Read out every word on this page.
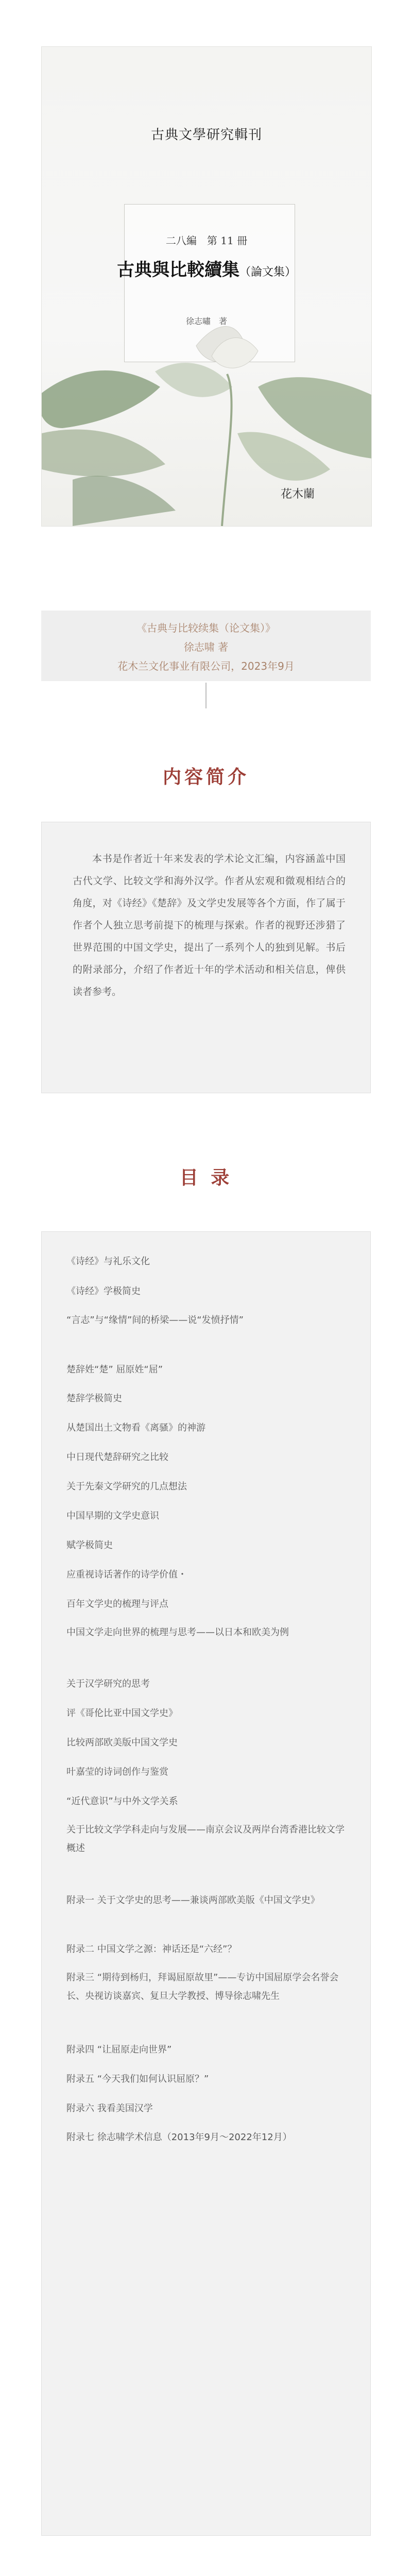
古典文學研究輯刊
二八編　第 11 冊
古典與比較續集（論文集）
徐志嘯　著
花木蘭
《古典与比较续集（论文集）》
徐志啸 著
花木兰文化事业有限公司，2023年9月
内容简介
本书是作者近十年来发表的学术论文汇编，内容涵盖中国古代文学、比较文学和海外汉学。作者从宏观和微观相结合的角度，对《诗经》《楚辞》及文学史发展等各个方面，作了属于作者个人独立思考前提下的梳理与探索。作者的视野还涉猎了世界范围的中国文学史，提出了一系列个人的独到见解。书后的附录部分，介绍了作者近十年的学术活动和相关信息，俾供读者参考。
目 录
《诗经》与礼乐文化
《诗经》学极简史
“言志”与“缘情”间的桥梁——说“发愤抒情”
楚辞姓“楚” 屈原姓“屈”
楚辞学极简史
从楚国出土文物看《离骚》的神游
中日现代楚辞研究之比较
关于先秦文学研究的几点想法
中国早期的文学史意识
赋学极简史
应重视诗话著作的诗学价值・
百年文学史的梳理与评点
中国文学走向世界的梳理与思考——以日本和欧美为例
关于汉学研究的思考
评《哥伦比亚中国文学史》
比较两部欧美版中国文学史
叶嘉莹的诗词创作与鉴赏
“近代意识”与中外文学关系
关于比较文学学科走向与发展——南京会议及两岸台湾香港比较文学概述
附录一 关于文学史的思考——兼谈两部欧美版《中国文学史》
附录二 中国文学之源：神话还是“六经”？
附录三 “期待到杨归，拜谒屈原故里”——专访中国屈原学会名誉会长、央视访谈嘉宾、复旦大学教授、博导徐志啸先生
附录四 “让屈原走向世界”
附录五 “今天我们如何认识屈原？”
附录六 我看美国汉学
附录七 徐志啸学术信息（2013年9月～2022年12月）
